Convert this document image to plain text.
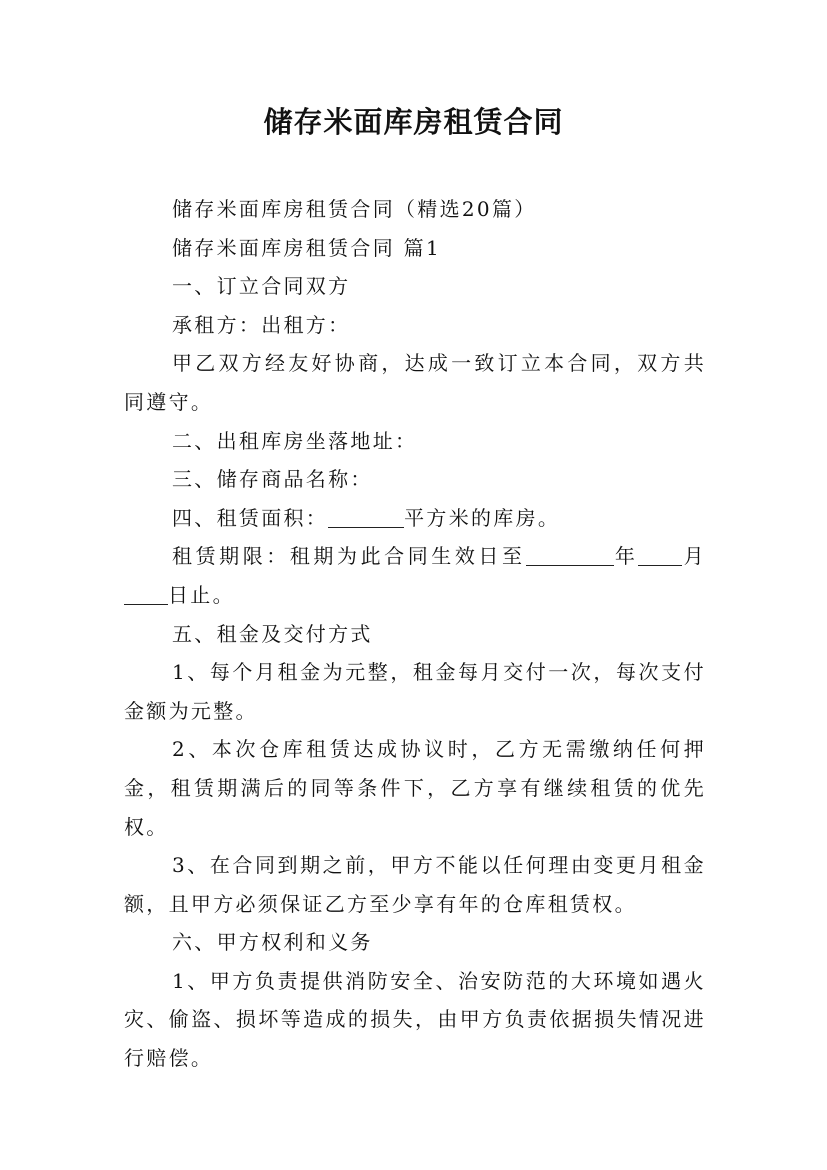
储存米面库房租赁合同

储存米面库房租赁合同（精选20篇）

储存米面库房租赁合同 篇1

一、订立合同双方

承租方：出租方：

甲乙双方经友好协商，达成一致订立本合同，双方共同遵守。

二、出租库房坐落地址：

三、储存商品名称：

四、租赁面积：	平方米的库房。

租赁期限：租期为此合同生效日至	年 月日止。

五、租金及交付方式

1、每个月租金为元整，租金每月交付一次，每次支付金额为元整。

2、本次仓库租赁达成协议时，乙方无需缴纳任何押金，租赁期满后的同等条件下，乙方享有继续租赁的优先权。

3、在合同到期之前，甲方不能以任何理由变更月租金额，且甲方必须保证乙方至少享有年的仓库租赁权。

六、甲方权利和义务

1、甲方负责提供消防安全、治安防范的大环境如遇火灾、偷盗、损坏等造成的损失，由甲方负责依据损失情况进行赔偿。
